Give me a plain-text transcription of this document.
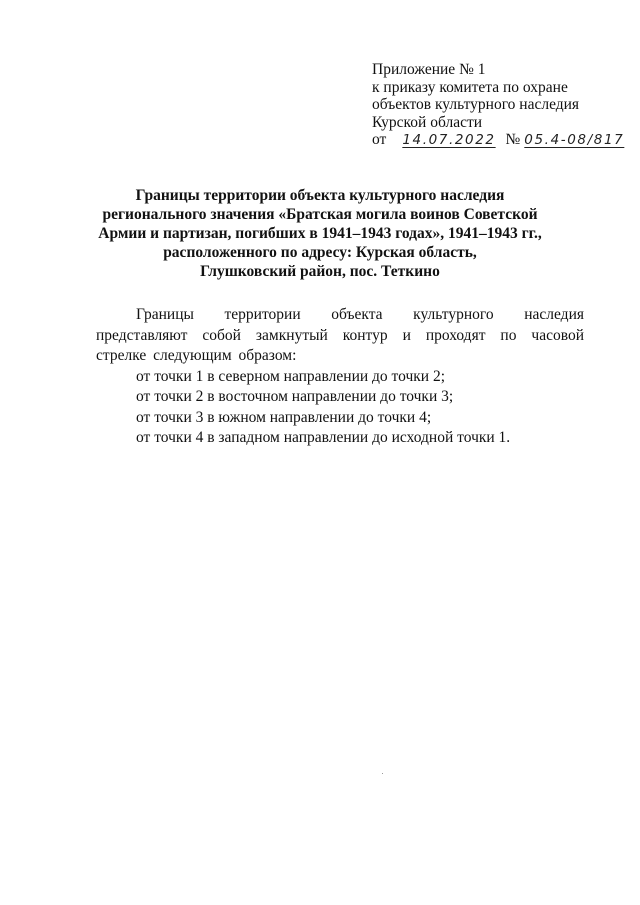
Приложение № 1
к приказу комитета по охране
объектов культурного наследия
Курской области
от 14.07.2022 № 05.4-08/817
Границы территории объекта культурного наследия
регионального значения «Братская могила воинов Советской
Армии и партизан, погибших в 1941–1943 годах», 1941–1943 гг.,
расположенного по адресу: Курская область,
Глушковский район, пос. Теткино

Границы территории объекта культурного наследия представляют собой замкнутый контур и проходят по часовой стрелке следующим образом:

от точки 1 в северном направлении до точки 2;
от точки 2 в восточном направлении до точки 3;
от точки 3 в южном направлении до точки 4;
от точки 4 в западном направлении до исходной точки 1.
